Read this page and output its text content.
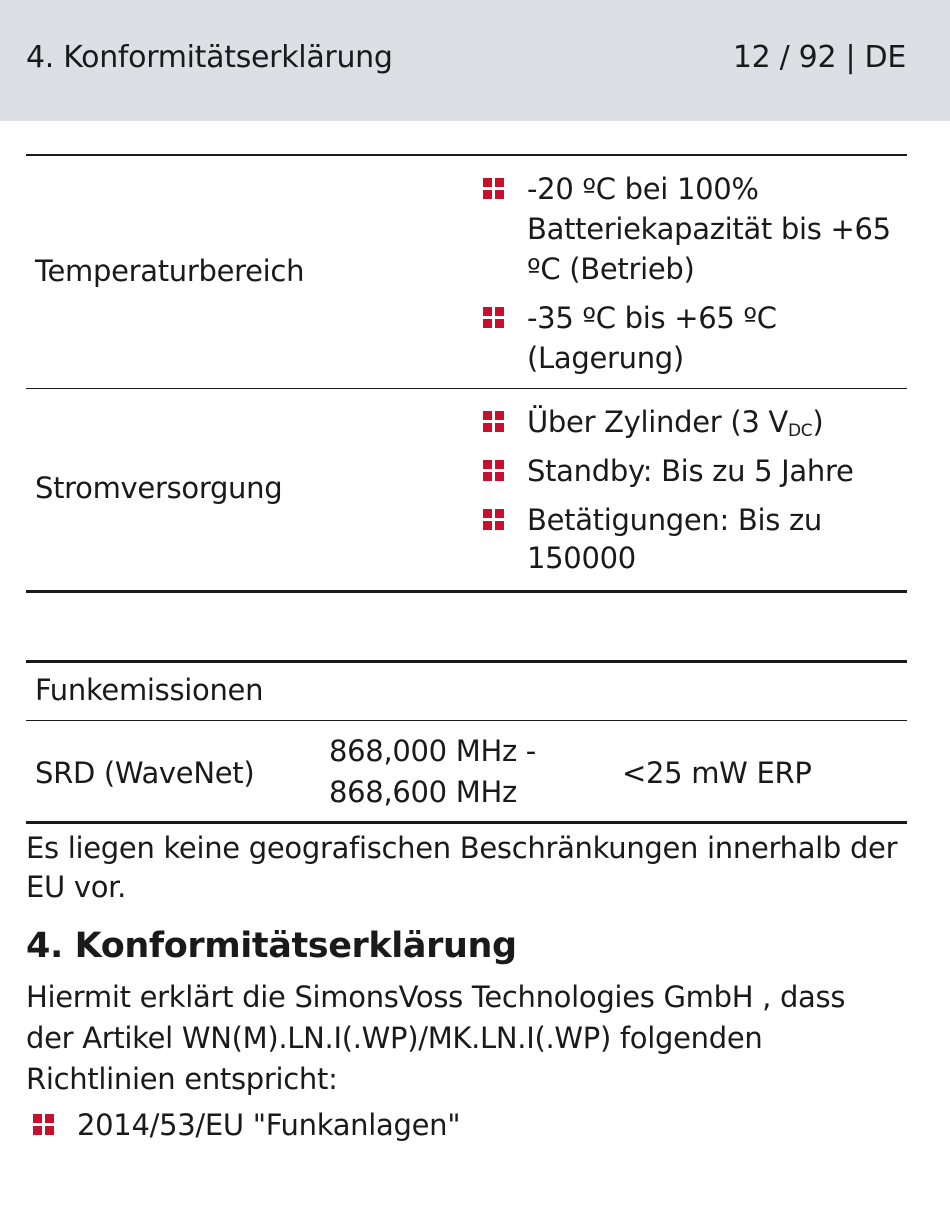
4. Konformitätserklärung	12 / 92 | DE
Temperaturbereich
-20 ºC bei 100%
Batteriekapazität bis +65
ºC (Betrieb)
-35 ºC bis +65 ºC
(Lagerung)
Stromversorgung
Über Zylinder (3 $V_{DC}$)
Standby: Bis zu 5 Jahre
Betätigungen: Bis zu
150000
Funkemissionen
SRD (WaveNet)
868,000 MHz -
868,600 MHz
<25 mW ERP
Es liegen keine geografischen Beschränkungen innerhalb der
EU vor.
4. Konformitätserklärung
Hiermit erklärt die SimonsVoss Technologies GmbH , dass
der Artikel WN(M).LN.I(.WP)/MK.LN.I(.WP) folgenden
Richtlinien entspricht:
2014/53/EU "Funkanlagen"
